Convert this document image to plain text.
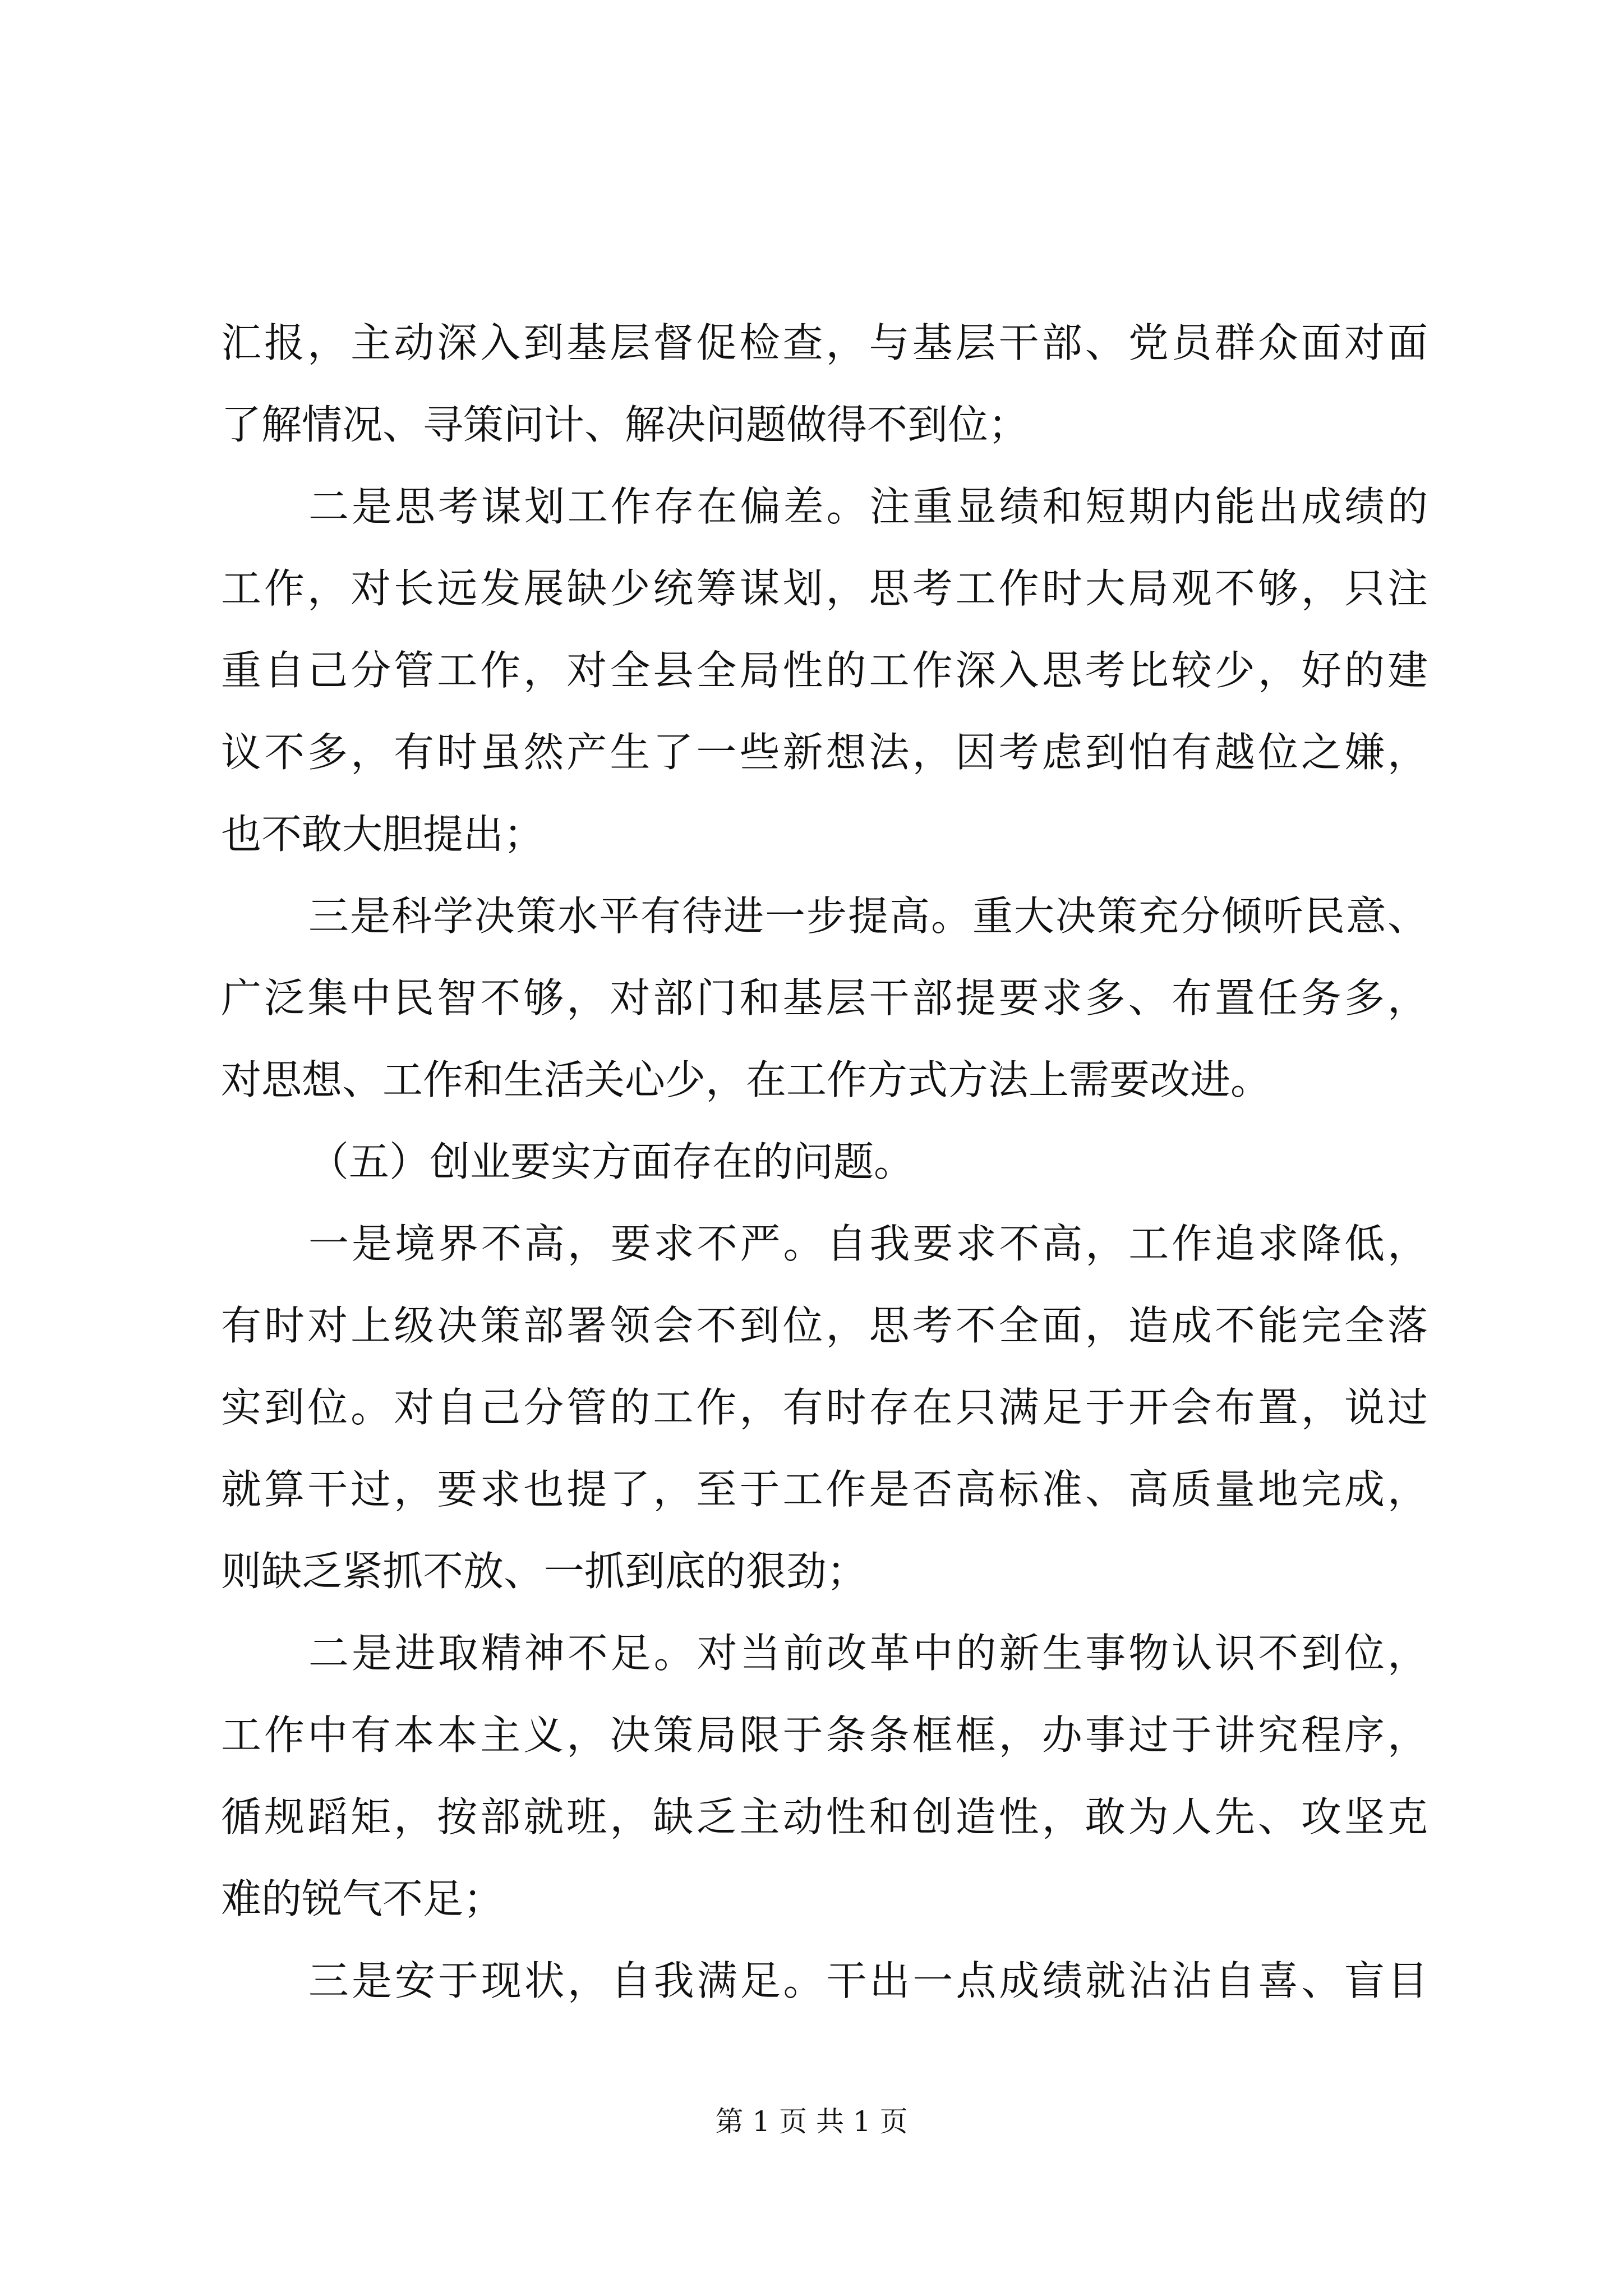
汇报，主动深入到基层督促检查，与基层干部、党员群众面对面
了解情况、寻策问计、解决问题做得不到位；
二是思考谋划工作存在偏差。注重显绩和短期内能出成绩的
工作，对长远发展缺少统筹谋划，思考工作时大局观不够，只注
重自己分管工作，对全县全局性的工作深入思考比较少，好的建
议不多，有时虽然产生了一些新想法，因考虑到怕有越位之嫌，
也不敢大胆提出；
三是科学决策水平有待进一步提高。重大决策充分倾听民意、
广泛集中民智不够，对部门和基层干部提要求多、布置任务多，
对思想、工作和生活关心少，在工作方式方法上需要改进。
（五）创业要实方面存在的问题。
一是境界不高，要求不严。自我要求不高，工作追求降低，
有时对上级决策部署领会不到位，思考不全面，造成不能完全落
实到位。对自己分管的工作，有时存在只满足于开会布置，说过
就算干过，要求也提了，至于工作是否高标准、高质量地完成，
则缺乏紧抓不放、一抓到底的狠劲；
二是进取精神不足。对当前改革中的新生事物认识不到位，
工作中有本本主义，决策局限于条条框框，办事过于讲究程序，
循规蹈矩，按部就班，缺乏主动性和创造性，敢为人先、攻坚克
难的锐气不足；
三是安于现状，自我满足。干出一点成绩就沾沾自喜、盲目
第 1 页 共 1 页
